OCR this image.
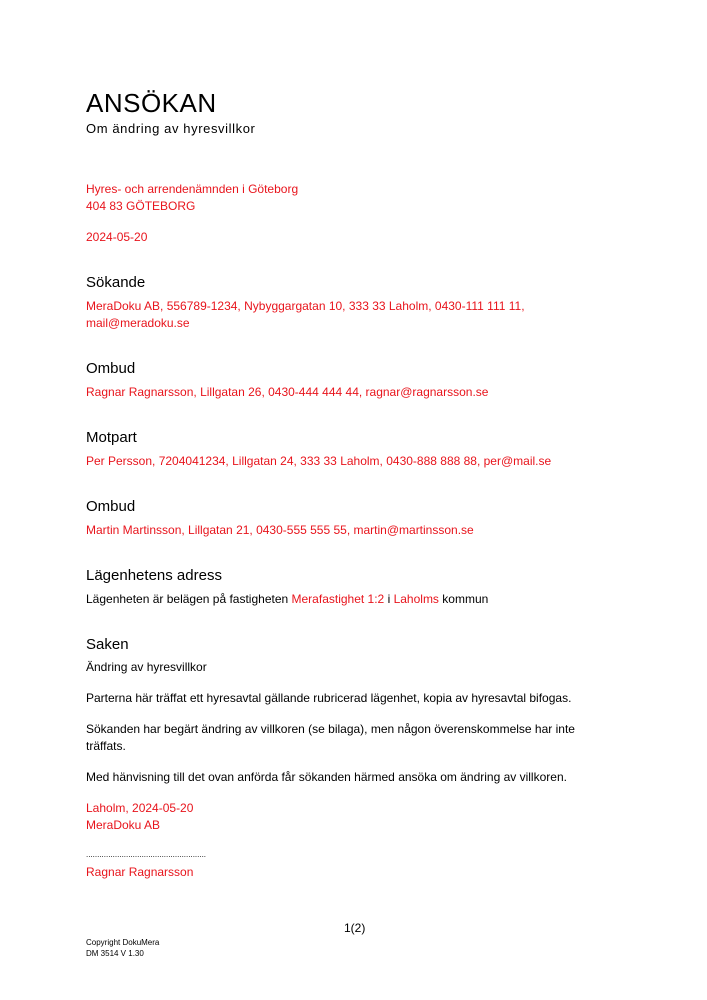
ANSÖKAN
Om ändring av hyresvillkor
Hyres- och arrendenämnden i Göteborg
404 83 GÖTEBORG
2024-05-20
Sökande
MeraDoku AB, 556789-1234, Nybyggargatan 10, 333 33 Laholm, 0430-111 111 11,
mail@meradoku.se
Ombud
Ragnar Ragnarsson, Lillgatan 26, 0430-444 444 44, ragnar@ragnarsson.se
Motpart
Per Persson, 7204041234, Lillgatan 24, 333 33 Laholm, 0430-888 888 88, per@mail.se
Ombud
Martin Martinsson, Lillgatan 21, 0430-555 555 55, martin@martinsson.se
Lägenhetens adress
Lägenheten är belägen på fastigheten Merafastighet 1:2 i Laholms kommun
Saken
Ändring av hyresvillkor
Parterna här träffat ett hyresavtal gällande rubricerad lägenhet, kopia av hyresavtal bifogas.
Sökanden har begärt ändring av villkoren (se bilaga), men någon överenskommelse har inte
träffats.
Med hänvisning till det ovan anförda får sökanden härmed ansöka om ändring av villkoren.
Laholm, 2024-05-20
MeraDoku AB
......................................................
Ragnar Ragnarsson
1(2)
Copyright DokuMera
DM 3514 V 1.30
